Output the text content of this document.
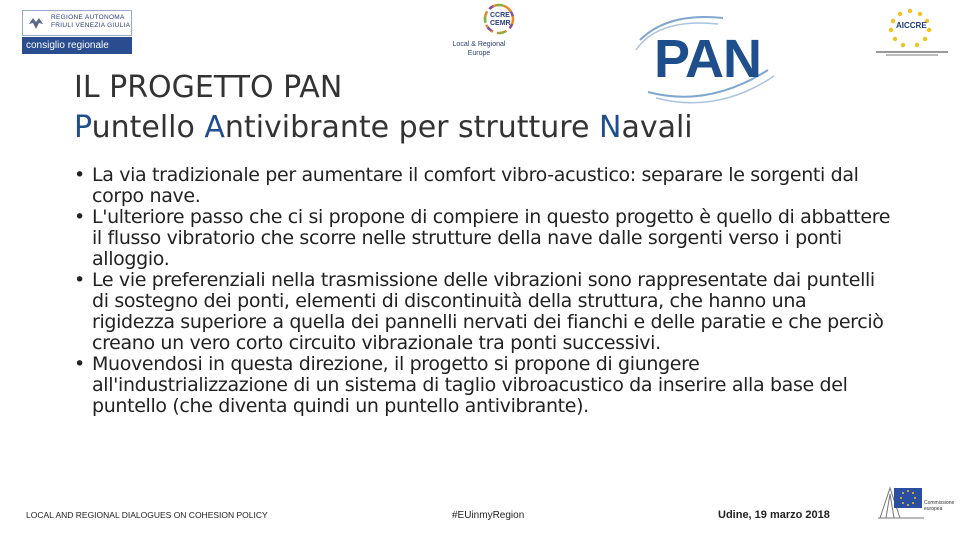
REGIONE AUTONOMA
FRIULI VENEZIA GIULIA
consiglio regionale
CCRE
CEMR
Local & Regional
Europe	PAN
AICCRE
IL PROGETTO PAN
Puntello Antivibrante per strutture Navali
• La via tradizionale per aumentare il comfort vibro-acustico: separare le sorgenti dal corpo nave.
• L'ulteriore passo che ci si propone di compiere in questo progetto è quello di abbattere il flusso vibratorio che scorre nelle strutture della nave dalle sorgenti verso i ponti alloggio.
• Le vie preferenziali nella trasmissione delle vibrazioni sono rappresentate dai puntelli di sostegno dei ponti, elementi di discontinuità della struttura, che hanno una rigidezza superiore a quella dei pannelli nervati dei fianchi e delle paratie e che perciò creano un vero corto circuito vibrazionale tra ponti successivi.
• Muovendosi in questa direzione, il progetto si propone di giungere all'industrializzazione di un sistema di taglio vibroacustico da inserire alla base del puntello (che diventa quindi un puntello antivibrante).
LOCAL AND REGIONAL DIALOGUES ON COHESION POLICY	#EUinmyRegion	Udine, 19 marzo 2018
Commissione
europea
